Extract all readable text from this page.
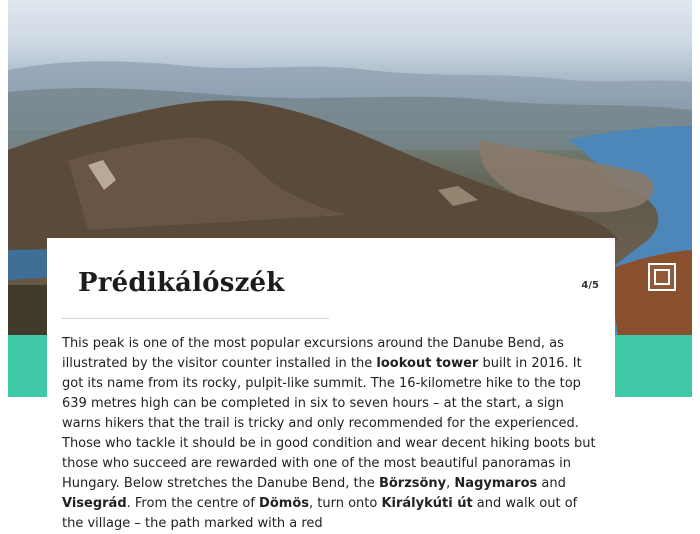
Prédikálószék	4/5
This peak is one of the most popular excursions around the Danube Bend, as illustrated by the visitor counter installed in the lookout tower built in 2016. It got its name from its rocky, pulpit-like summit. The 16-kilometre hike to the top 639 metres high can be completed in six to seven hours – at the start, a sign warns hikers that the trail is tricky and only recommended for the experienced. Those who tackle it should be in good condition and wear decent hiking boots but those who succeed are rewarded with one of the most beautiful panoramas in Hungary. Below stretches the Danube Bend, the Börzsöny, Nagymaros and Visegrád. From the centre of Dömös, turn onto Királykúti út and walk out of the village – the path marked with a red
